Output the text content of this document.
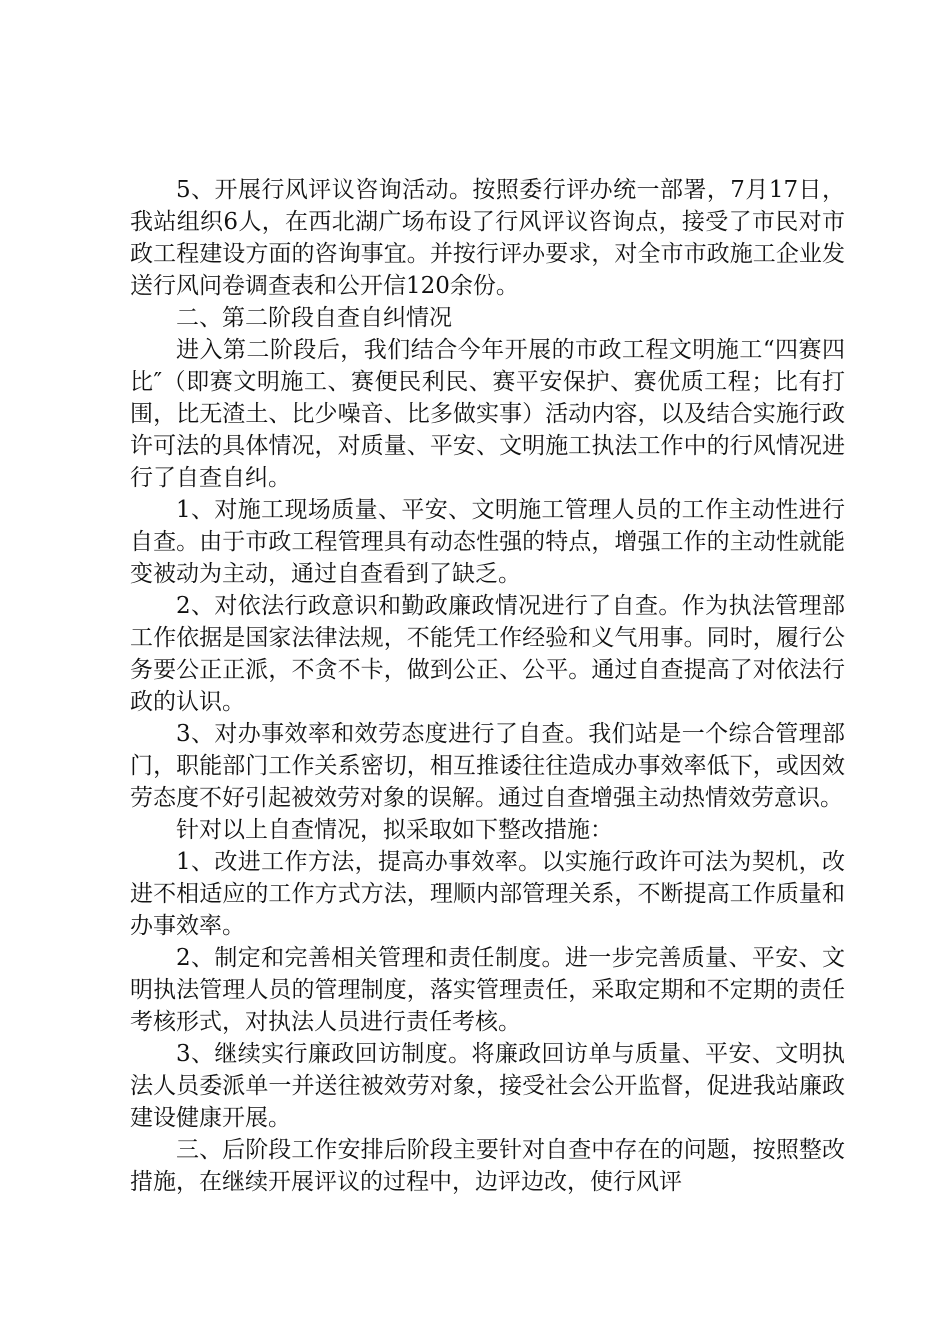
5、开展行风评议咨询活动。按照委行评办统一部署，7月17日，我站组织6人，在西北湖广场布设了行风评议咨询点，接受了市民对市政工程建设方面的咨询事宜。并按行评办要求，对全市市政施工企业发送行风问卷调查表和公开信120余份。

二、第二阶段自查自纠情况

进入第二阶段后，我们结合今年开展的市政工程文明施工“四赛四比″（即赛文明施工、赛便民利民、赛平安保护、赛优质工程；比有打围，比无渣土、比少噪音、比多做实事）活动内容，以及结合实施行政许可法的具体情况，对质量、平安、文明施工执法工作中的行风情况进行了自查自纠。

1、对施工现场质量、平安、文明施工管理人员的工作主动性进行自查。由于市政工程管理具有动态性强的特点，增强工作的主动性就能变被动为主动，通过自查看到了缺乏。

2、对依法行政意识和勤政廉政情况进行了自查。作为执法管理部工作依据是国家法律法规，不能凭工作经验和义气用事。同时，履行公务要公正正派，不贪不卡，做到公正、公平。通过自查提高了对依法行政的认识。

3、对办事效率和效劳态度进行了自查。我们站是一个综合管理部门，职能部门工作关系密切，相互推诿往往造成办事效率低下，或因效劳态度不好引起被效劳对象的误解。通过自查增强主动热情效劳意识。

针对以上自查情况，拟采取如下整改措施：

1、改进工作方法，提高办事效率。以实施行政许可法为契机，改进不相适应的工作方式方法，理顺内部管理关系，不断提高工作质量和办事效率。

2、制定和完善相关管理和责任制度。进一步完善质量、平安、文明执法管理人员的管理制度，落实管理责任，采取定期和不定期的责任考核形式，对执法人员进行责任考核。

3、继续实行廉政回访制度。将廉政回访单与质量、平安、文明执法人员委派单一并送往被效劳对象，接受社会公开监督，促进我站廉政建设健康开展。

三、后阶段工作安排后阶段主要针对自查中存在的问题，按照整改措施，在继续开展评议的过程中，边评边改，使行风评
